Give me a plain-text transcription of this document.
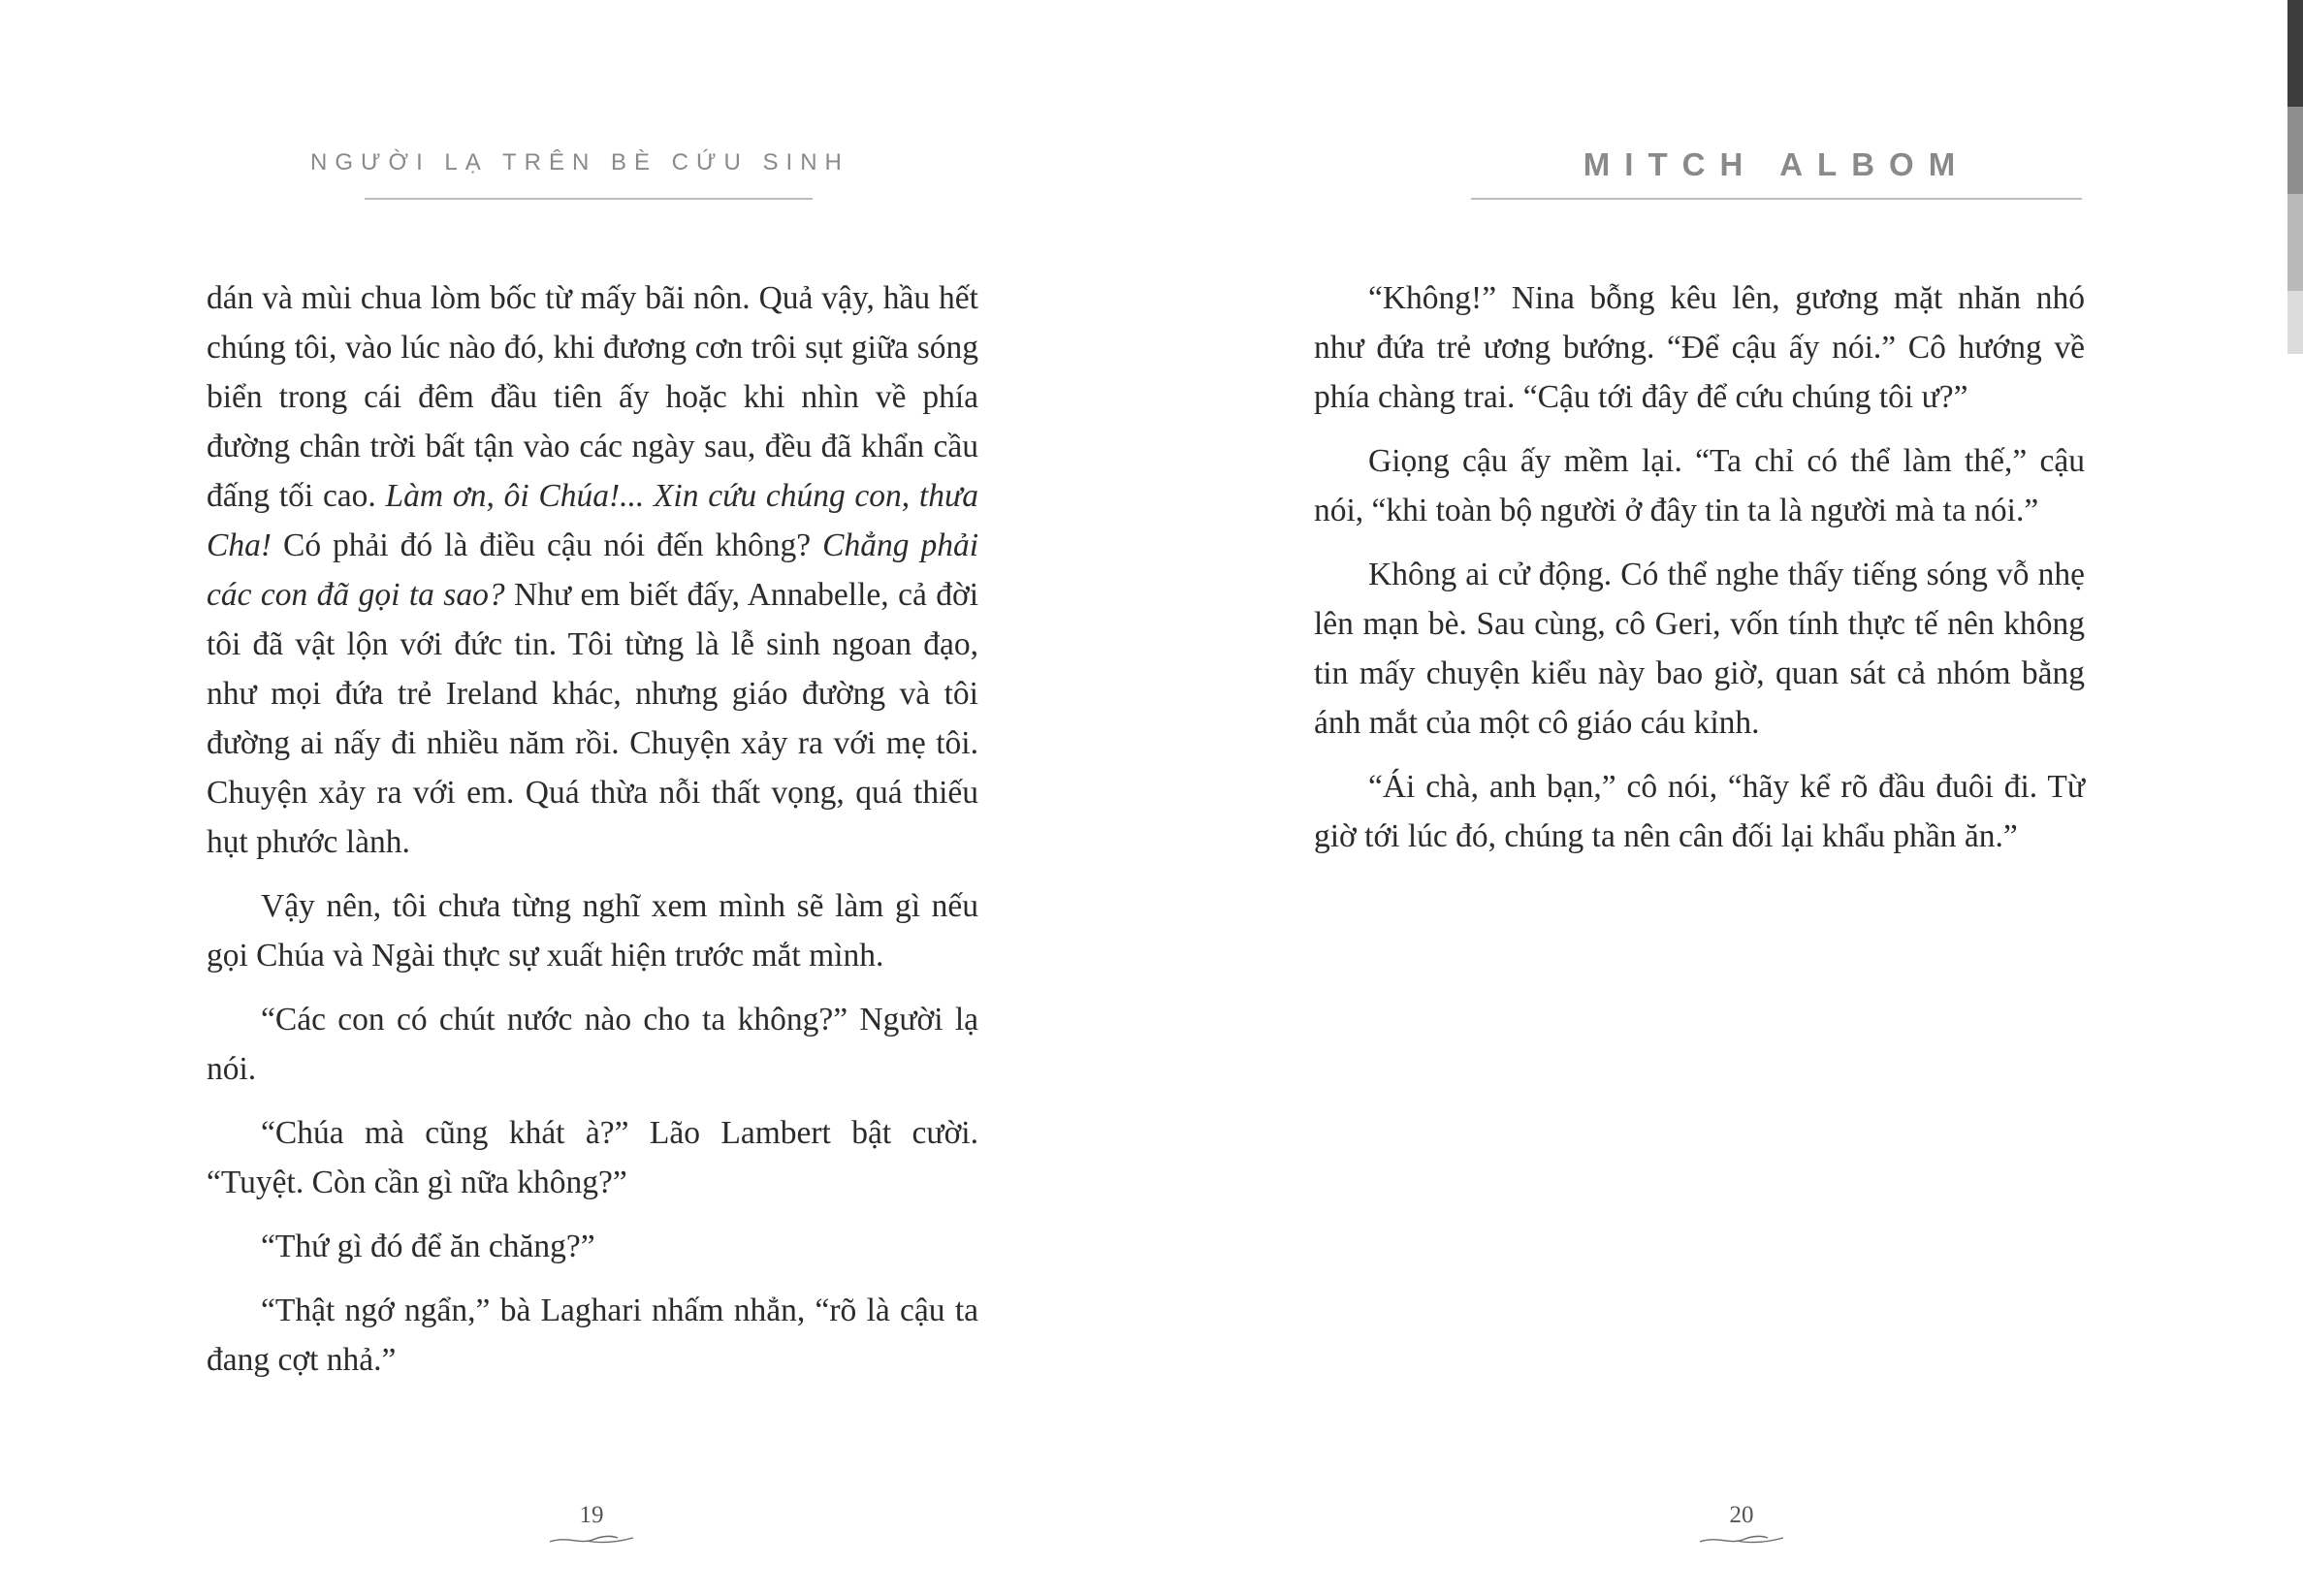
NGƯỜI LẠ TRÊN BÈ CỨU SINH

dán và mùi chua lòm bốc từ mấy bãi nôn. Quả vậy, hầu hết chúng tôi, vào lúc nào đó, khi đương cơn trôi sụt giữa sóng biển trong cái đêm đầu tiên ấy hoặc khi nhìn về phía đường chân trời bất tận vào các ngày sau, đều đã khẩn cầu đấng tối cao. Làm ơn, ôi Chúa!... Xin cứu chúng con, thưa Cha! Có phải đó là điều cậu nói đến không? Chẳng phải các con đã gọi ta sao? Như em biết đấy, Annabelle, cả đời tôi đã vật lộn với đức tin. Tôi từng là lễ sinh ngoan đạo, như mọi đứa trẻ Ireland khác, nhưng giáo đường và tôi đường ai nấy đi nhiều năm rồi. Chuyện xảy ra với mẹ tôi. Chuyện xảy ra với em. Quá thừa nỗi thất vọng, quá thiếu hụt phước lành.

Vậy nên, tôi chưa từng nghĩ xem mình sẽ làm gì nếu gọi Chúa và Ngài thực sự xuất hiện trước mắt mình.

“Các con có chút nước nào cho ta không?” Người lạ nói.

“Chúa mà cũng khát à?” Lão Lambert bật cười. “Tuyệt. Còn cần gì nữa không?”

“Thứ gì đó để ăn chăng?”

“Thật ngớ ngẩn,” bà Laghari nhấm nhẳn, “rõ là cậu ta đang cợt nhả.”

19
MITCH ALBOM

“Không!” Nina bỗng kêu lên, gương mặt nhăn nhó như đứa trẻ ương bướng. “Để cậu ấy nói.” Cô hướng về phía chàng trai. “Cậu tới đây để cứu chúng tôi ư?”

Giọng cậu ấy mềm lại. “Ta chỉ có thể làm thế,” cậu nói, “khi toàn bộ người ở đây tin ta là người mà ta nói.”

Không ai cử động. Có thể nghe thấy tiếng sóng vỗ nhẹ lên mạn bè. Sau cùng, cô Geri, vốn tính thực tế nên không tin mấy chuyện kiểu này bao giờ, quan sát cả nhóm bằng ánh mắt của một cô giáo cáu kỉnh.

“Ái chà, anh bạn,” cô nói, “hãy kể rõ đầu đuôi đi. Từ giờ tới lúc đó, chúng ta nên cân đối lại khẩu phần ăn.”

20
